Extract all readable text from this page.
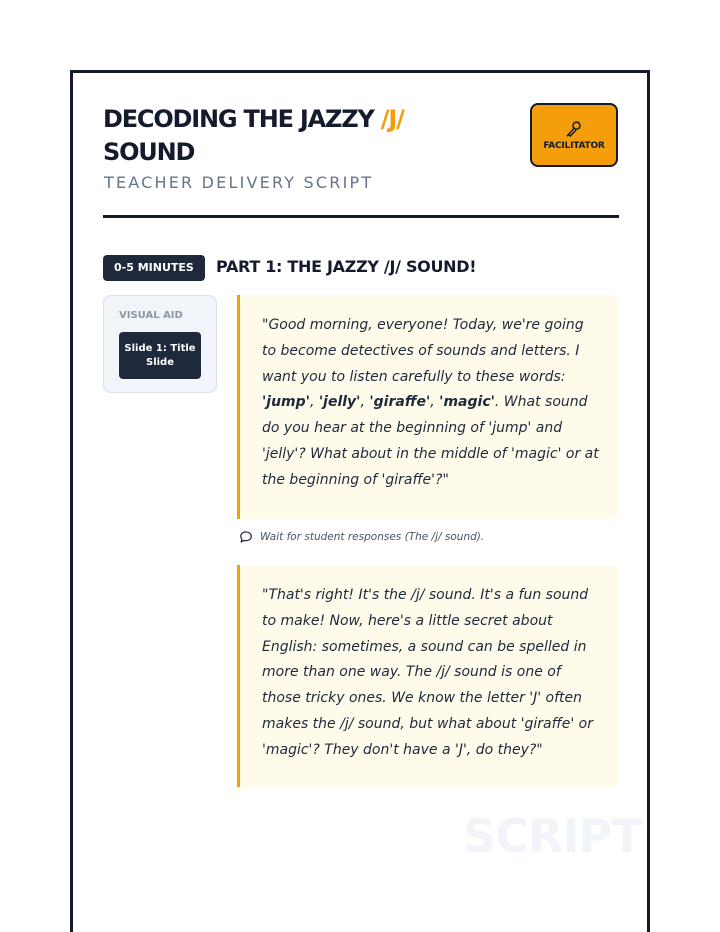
DECODING THE JAZZY /J/ SOUND
TEACHER DELIVERY SCRIPT
FACILITATOR
0-5 MINUTES	PART 1: THE JAZZY /J/ SOUND!
VISUAL AID
Slide 1: Title Slide
"Good morning, everyone! Today, we're going to become detectives of sounds and letters. I want you to listen carefully to these words: 'jump', 'jelly', 'giraffe', 'magic'. What sound do you hear at the beginning of 'jump' and 'jelly'? What about in the middle of 'magic' or at the beginning of 'giraffe'?"
Wait for student responses (The /j/ sound).
"That's right! It's the /j/ sound. It's a fun sound to make! Now, here's a little secret about English: sometimes, a sound can be spelled in more than one way. The /j/ sound is one of those tricky ones. We know the letter 'J' often makes the /j/ sound, but what about 'giraffe' or 'magic'? They don't have a 'J', do they?"
SCRIPT
